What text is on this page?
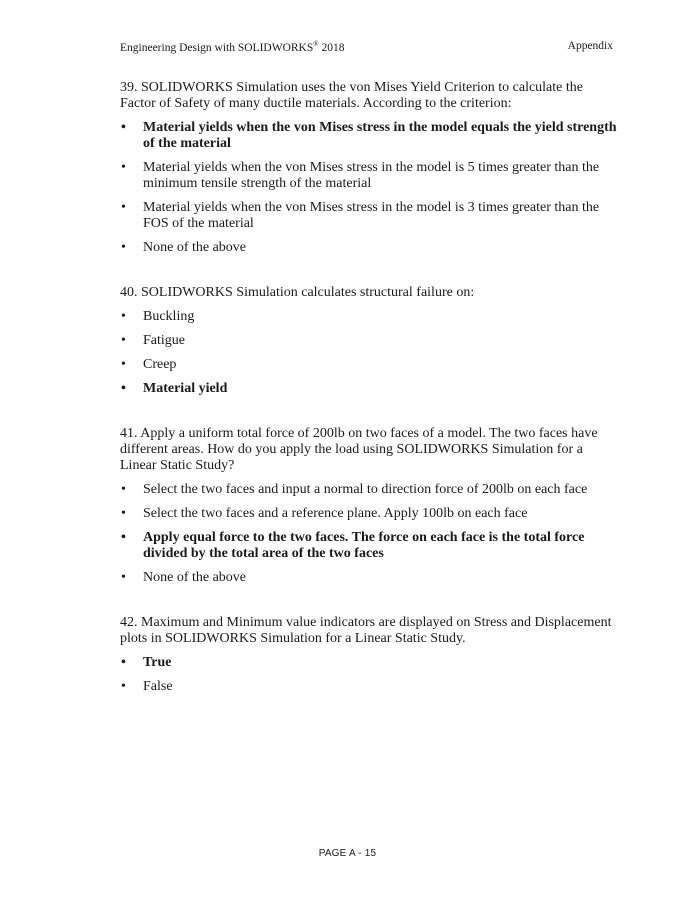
Engineering Design with SOLIDWORKS® 2018	Appendix

39. SOLIDWORKS Simulation uses the von Mises Yield Criterion to calculate the Factor of Safety of many ductile materials. According to the criterion:

• Material yields when the von Mises stress in the model equals the yield strength of the material
• Material yields when the von Mises stress in the model is 5 times greater than the minimum tensile strength of the material
• Material yields when the von Mises stress in the model is 3 times greater than the FOS of the material
• None of the above

40. SOLIDWORKS Simulation calculates structural failure on:

• Buckling
• Fatigue
• Creep
• Material yield

41. Apply a uniform total force of 200lb on two faces of a model. The two faces have different areas. How do you apply the load using SOLIDWORKS Simulation for a Linear Static Study?

• Select the two faces and input a normal to direction force of 200lb on each face
• Select the two faces and a reference plane. Apply 100lb on each face
• Apply equal force to the two faces. The force on each face is the total force divided by the total area of the two faces
• None of the above

42. Maximum and Minimum value indicators are displayed on Stress and Displacement plots in SOLIDWORKS Simulation for a Linear Static Study.

• True
• False
PAGE A - 15
